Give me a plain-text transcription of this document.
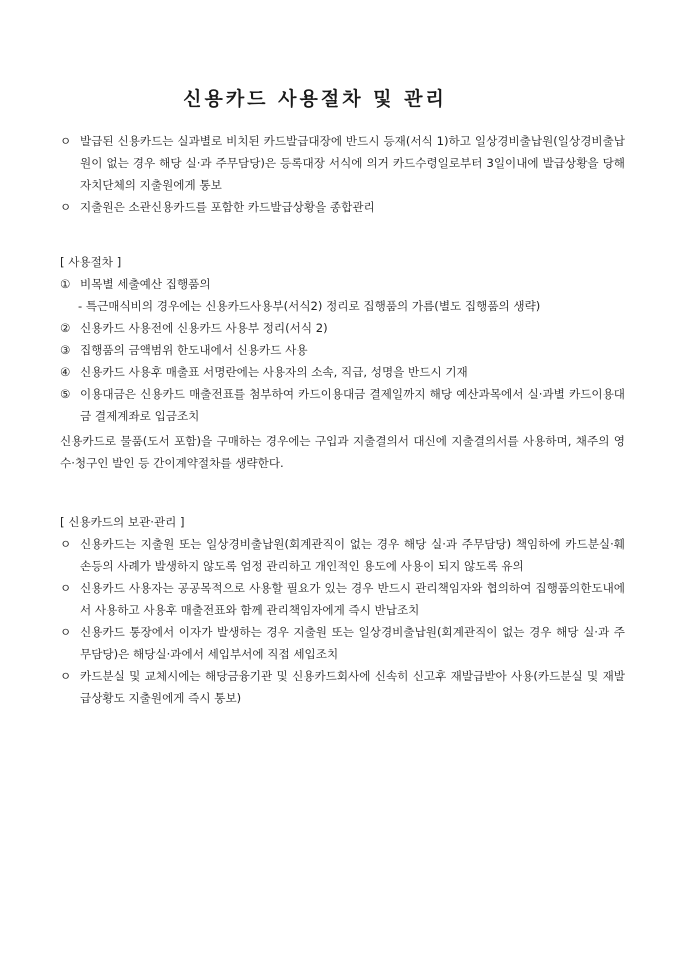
신용카드 사용절차 및 관리
ㅇ 발급된 신용카드는 실과별로 비치된 카드발급대장에 반드시 등재(서식 1)하고 일상경비출납원(일상경비출납원이 없는 경우 해당 실·과 주무담당)은 등록대장 서식에 의거 카드수령일로부터 3일이내에 발급상황을 당해 자치단체의 지출원에게 통보
ㅇ 지출원은 소관신용카드를 포함한 카드발급상황을 종합관리
[ 사용절차 ]
① 비목별 세출예산 집행품의
- 특근매식비의 경우에는 신용카드사용부(서식2) 정리로 집행품의 가름(별도 집행품의 생략)
② 신용카드 사용전에 신용카드 사용부 정리(서식 2)
③ 집행품의 금액범위 한도내에서 신용카드 사용
④ 신용카드 사용후 매출표 서명란에는 사용자의 소속, 직급, 성명을 반드시 기재
⑤ 이용대금은 신용카드 매출전표를 첨부하여 카드이용대금 결제일까지 해당 예산과목에서 실·과별 카드이용대금 결제계좌로 입금조치
신용카드로 물품(도서 포함)을 구매하는 경우에는 구입과 지출결의서 대신에 지출결의서를 사용하며, 채주의 영수·청구인 발인 등 간이계약절차를 생략한다.
[ 신용카드의 보관·관리 ]
ㅇ 신용카드는 지출원 또는 일상경비출납원(회계관직이 없는 경우 해당 실·과 주무담당) 책임하에 카드분실·훼손등의 사례가 발생하지 않도록 엄정 관리하고 개인적인 용도에 사용이 되지 않도록 유의
ㅇ 신용카드 사용자는 공공목적으로 사용할 필요가 있는 경우 반드시 관리책임자와 협의하여 집행품의한도내에서 사용하고 사용후 매출전표와 함께 관리책임자에게 즉시 반납조치
ㅇ 신용카드 통장에서 이자가 발생하는 경우 지출원 또는 일상경비출납원(회계관직이 없는 경우 해당 실·과 주무담당)은 해당실·과에서 세입부서에 직접 세입조치
ㅇ 카드분실 및 교체시에는 해당금융기관 및 신용카드회사에 신속히 신고후 재발급받아 사용(카드분실 및 재발급상황도 지출원에게 즉시 통보)
